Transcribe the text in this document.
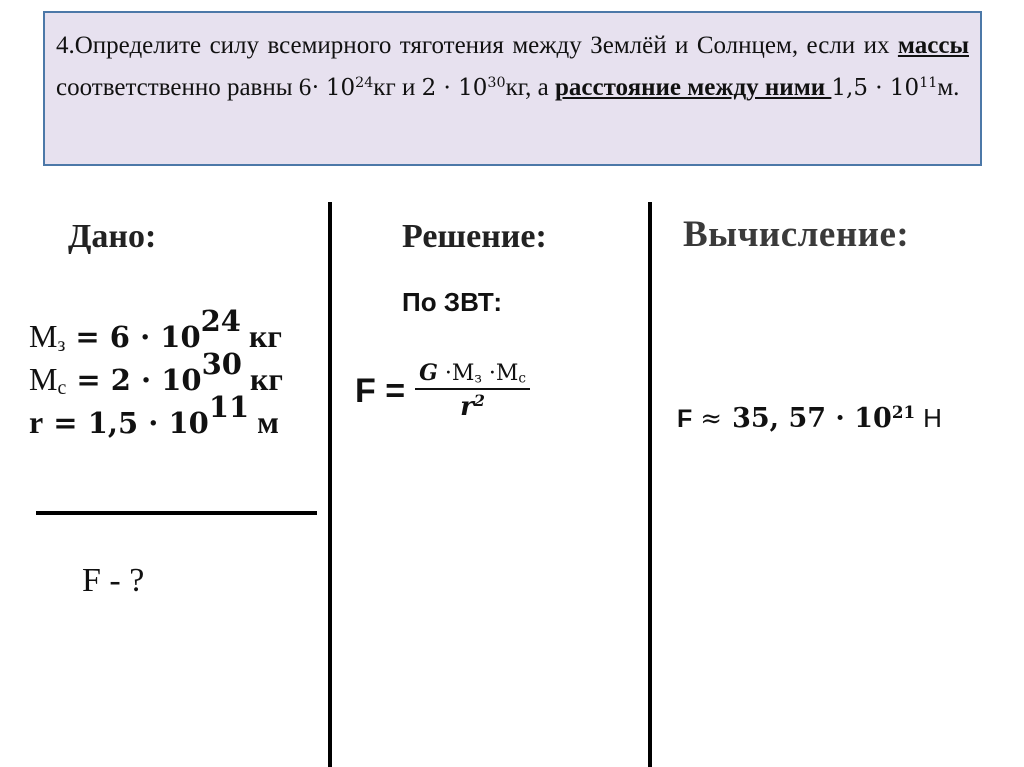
4.Определите силу всемирного тяготения между Землёй и Солнцем, если их массы соответственно равны $6\cdot 10^{24}кг$ и $2 \cdot 10^{30}кг$, а расстояние между ними $1,5 \cdot 10^{11}м$.
Дано:	Решение:	Вычисление:
$М_з = 6 \cdot 10^{24}$ кг
$М_с = 2 \cdot 10^{30}$ кг
$r = 1,5 \cdot 10^{11}$ м
F - ?
По ЗВТ:
$F = \frac{G \cdot М_з \cdot М_с}{r^2}$	F ≈ 35, $57 \cdot 10^{21}$ Н
